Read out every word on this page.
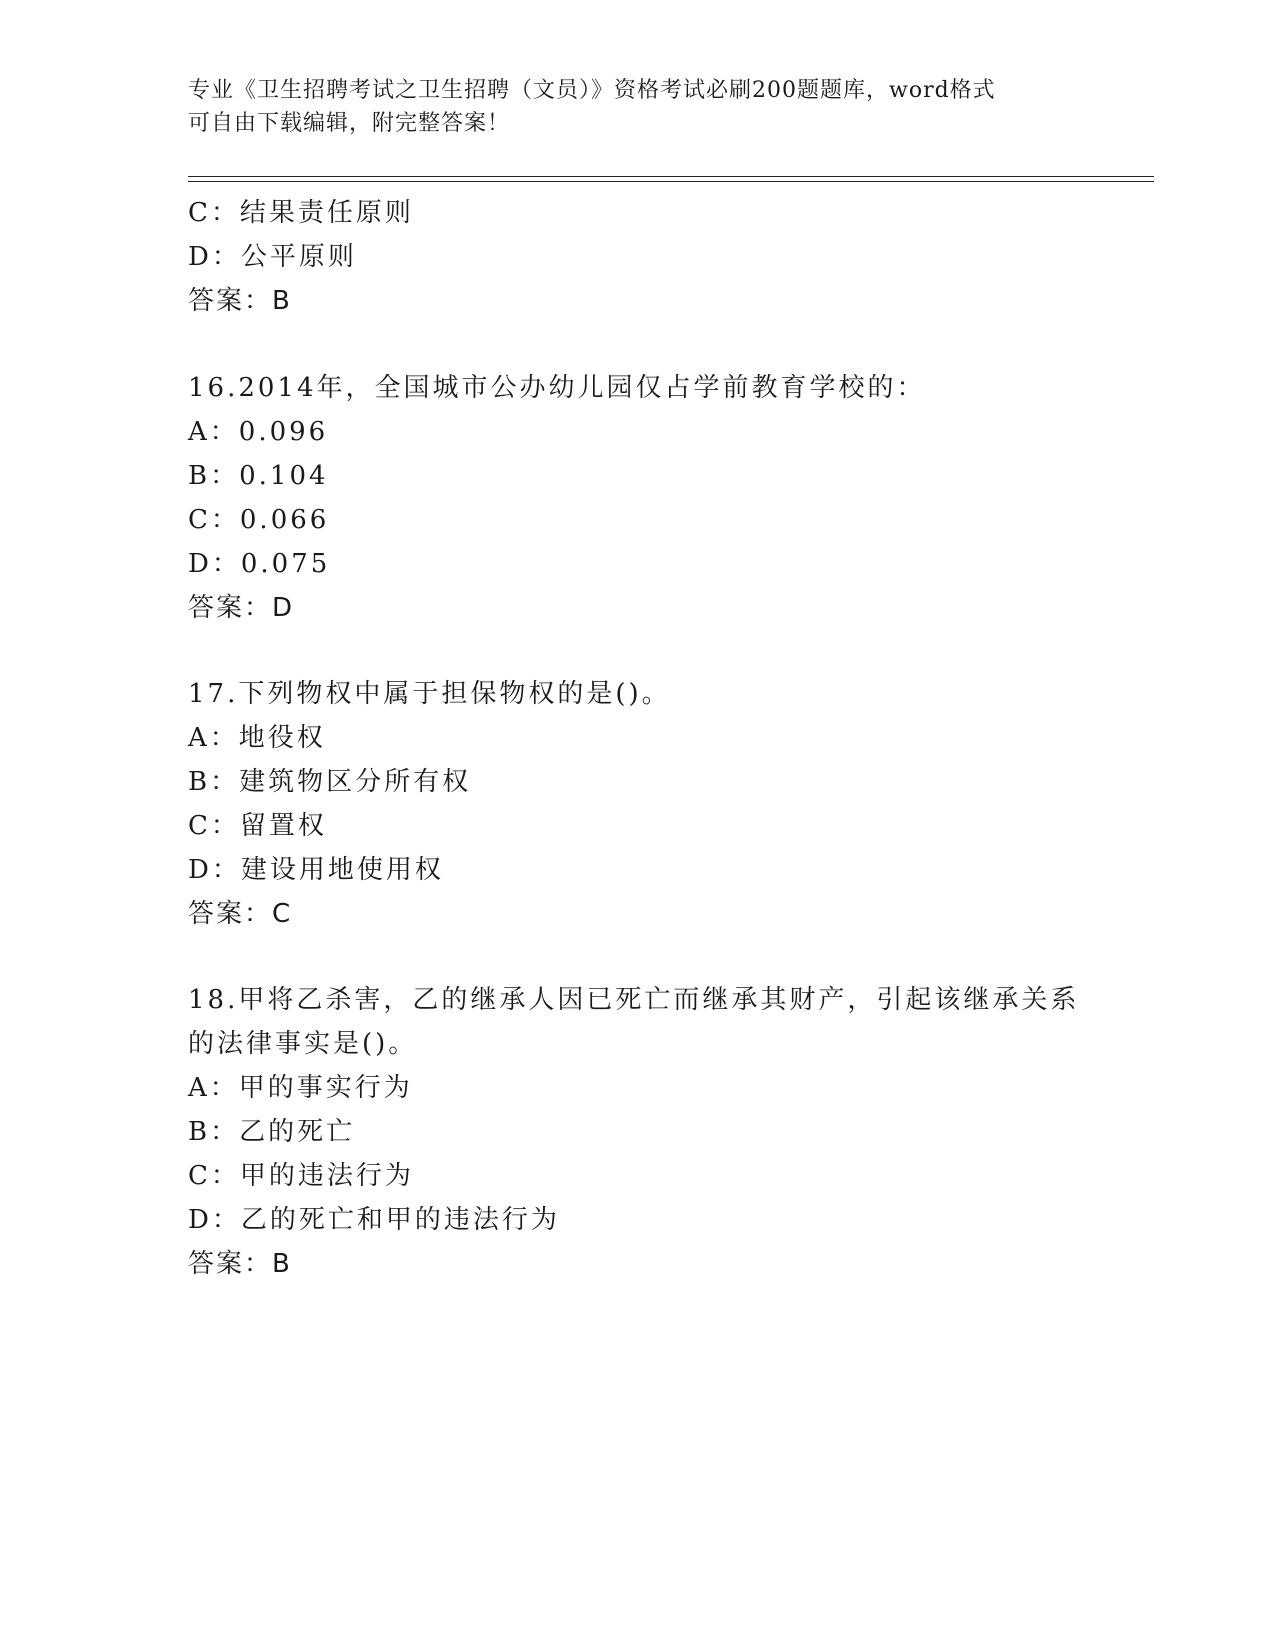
专业《卫生招聘考试之卫生招聘（文员）》资格考试必刷200题题库，word格式
可自由下载编辑，附完整答案！
C：结果责任原则
D：公平原则
答案：B
16.2014年，全国城市公办幼儿园仅占学前教育学校的：
A：0.096
B：0.104
C：0.066
D：0.075
答案：D
17.下列物权中属于担保物权的是()。
A：地役权
B：建筑物区分所有权
C：留置权
D：建设用地使用权
答案：C
18.甲将乙杀害，乙的继承人因已死亡而继承其财产，引起该继承关系
的法律事实是()。
A：甲的事实行为
B：乙的死亡
C：甲的违法行为
D：乙的死亡和甲的违法行为
答案：B
